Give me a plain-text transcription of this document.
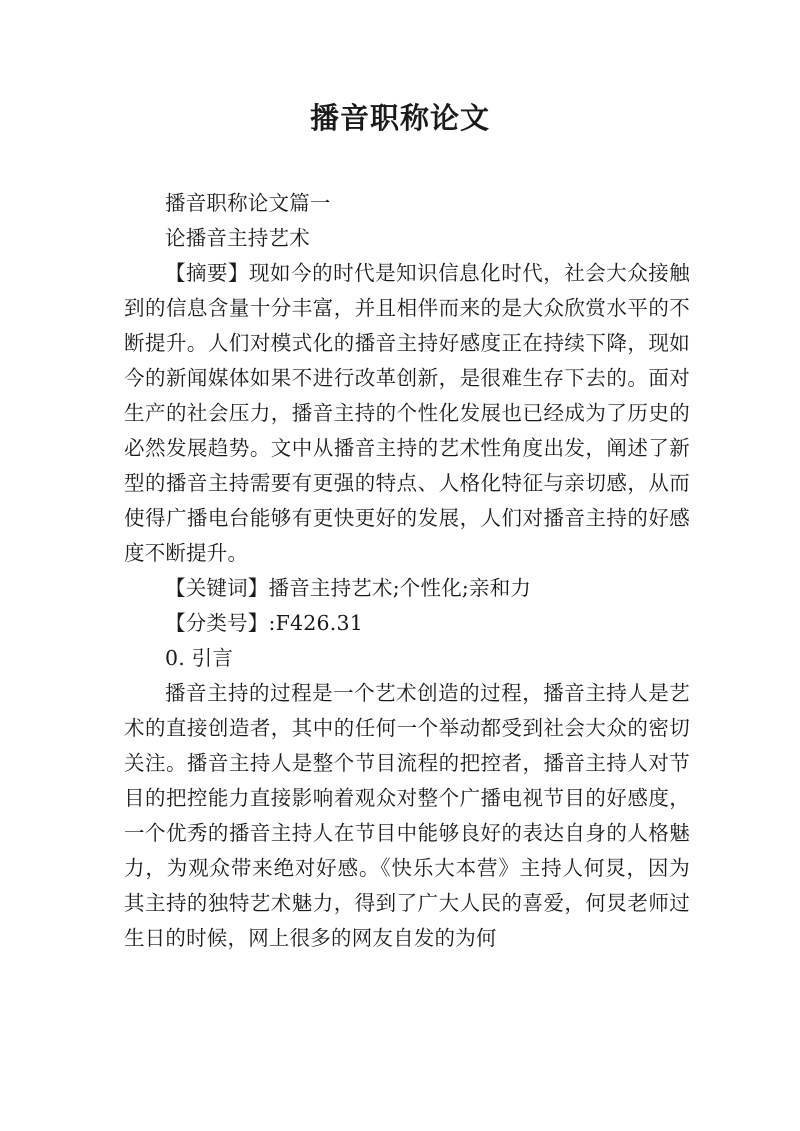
播音职称论文

播音职称论文篇一

论播音主持艺术

【摘要】现如今的时代是知识信息化时代，社会大众接触到的信息含量十分丰富，并且相伴而来的是大众欣赏水平的不断提升。人们对模式化的播音主持好感度正在持续下降，现如今的新闻媒体如果不进行改革创新，是很难生存下去的。面对生产的社会压力，播音主持的个性化发展也已经成为了历史的必然发展趋势。文中从播音主持的艺术性角度出发，阐述了新型的播音主持需要有更强的特点、人格化特征与亲切感，从而使得广播电台能够有更快更好的发展，人们对播音主持的好感度不断提升。

【关键词】播音主持艺术;个性化;亲和力

【分类号】:F426.31

0. 引言

播音主持的过程是一个艺术创造的过程，播音主持人是艺术的直接创造者，其中的任何一个举动都受到社会大众的密切关注。播音主持人是整个节目流程的把控者，播音主持人对节目的把控能力直接影响着观众对整个广播电视节目的好感度，一个优秀的播音主持人在节目中能够良好的表达自身的人格魅力，为观众带来绝对好感。《快乐大本营》主持人何炅，因为其主持的独特艺术魅力，得到了广大人民的喜爱，何炅老师过生日的时候，网上很多的网友自发的为何
